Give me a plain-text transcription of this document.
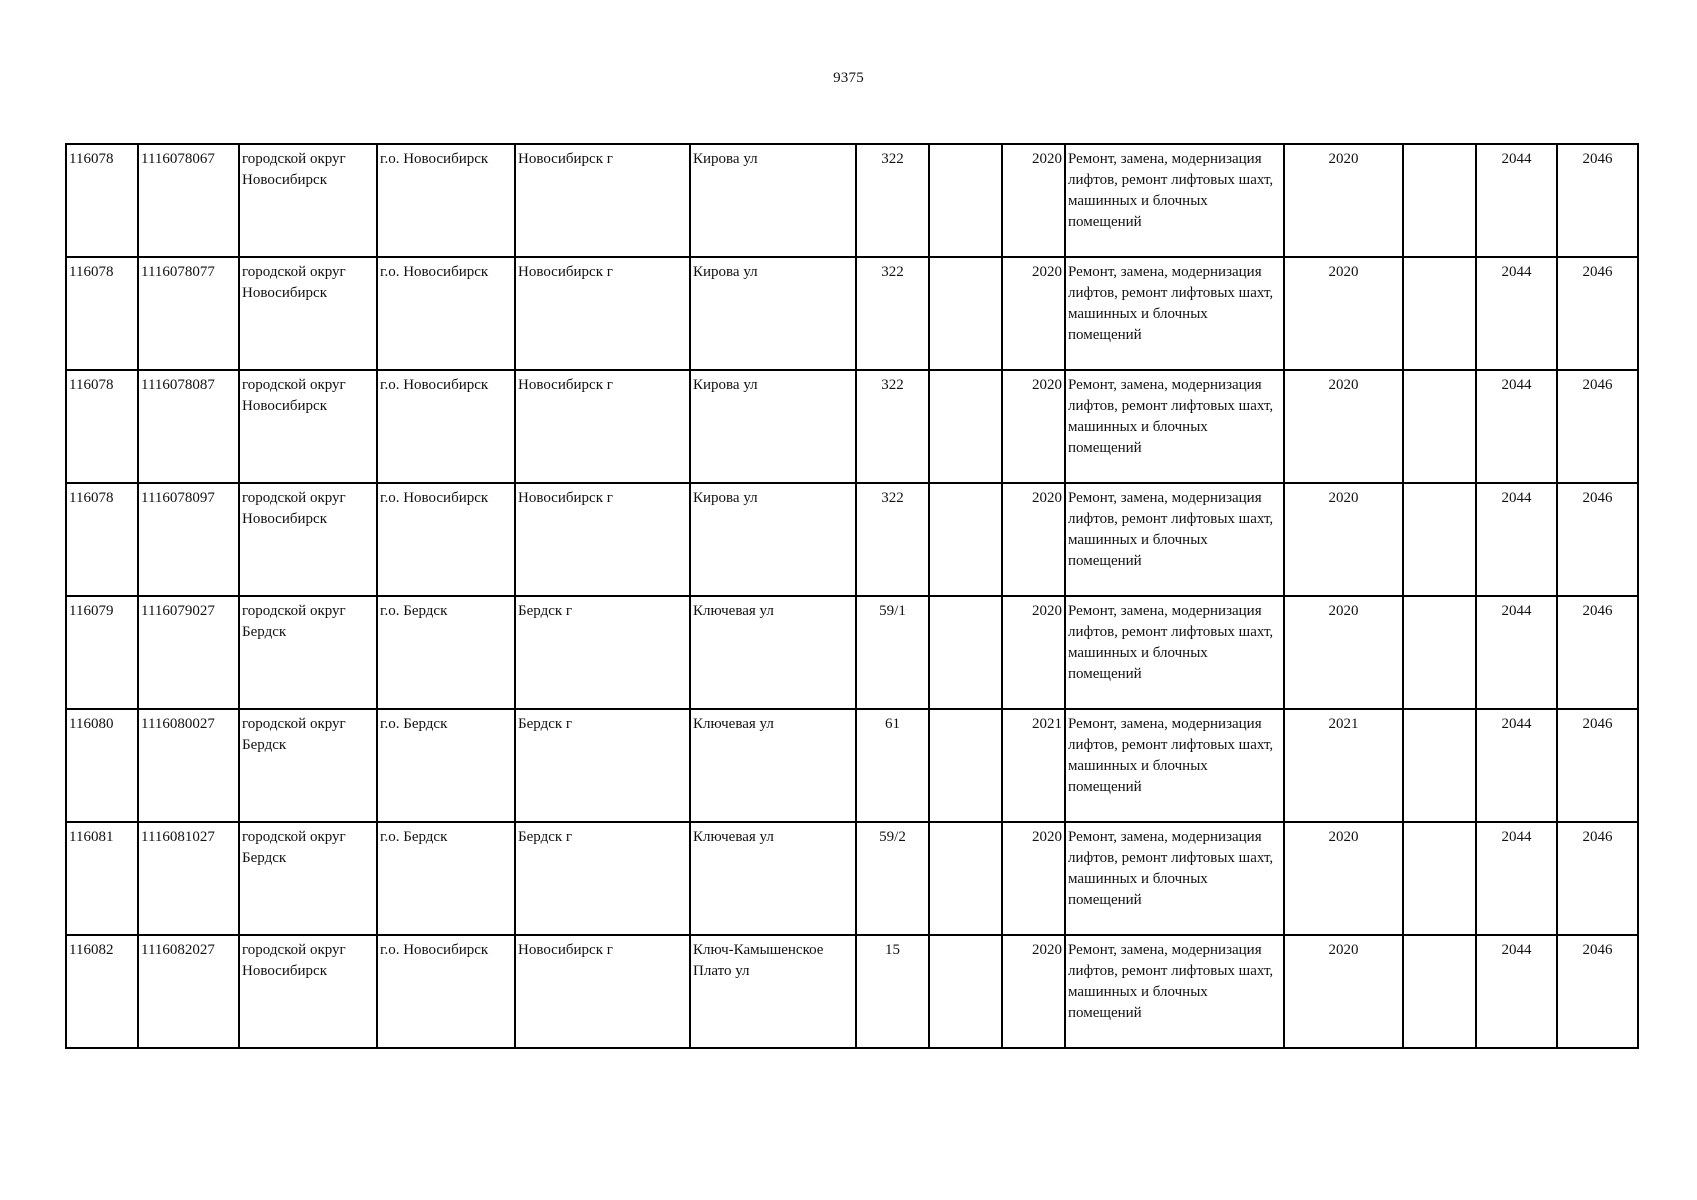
9375
116078	1116078067	городской округ Новосибирск	г.о. Новосибирск	Новосибирск г	Кирова ул	322		2020	Ремонт, замена, модернизация лифтов, ремонт лифтовых шахт, машинных и блочных помещений	2020		2044	2046
116078	1116078077	городской округ Новосибирск	г.о. Новосибирск	Новосибирск г	Кирова ул	322		2020	Ремонт, замена, модернизация лифтов, ремонт лифтовых шахт, машинных и блочных помещений	2020		2044	2046
116078	1116078087	городской округ Новосибирск	г.о. Новосибирск	Новосибирск г	Кирова ул	322		2020	Ремонт, замена, модернизация лифтов, ремонт лифтовых шахт, машинных и блочных помещений	2020		2044	2046
116078	1116078097	городской округ Новосибирск	г.о. Новосибирск	Новосибирск г	Кирова ул	322		2020	Ремонт, замена, модернизация лифтов, ремонт лифтовых шахт, машинных и блочных помещений	2020		2044	2046
116079	1116079027	городской округ Бердск	г.о. Бердск	Бердск г	Ключевая ул	59/1		2020	Ремонт, замена, модернизация лифтов, ремонт лифтовых шахт, машинных и блочных помещений	2020		2044	2046
116080	1116080027	городской округ Бердск	г.о. Бердск	Бердск г	Ключевая ул	61		2021	Ремонт, замена, модернизация лифтов, ремонт лифтовых шахт, машинных и блочных помещений	2021		2044	2046
116081	1116081027	городской округ Бердск	г.о. Бердск	Бердск г	Ключевая ул	59/2		2020	Ремонт, замена, модернизация лифтов, ремонт лифтовых шахт, машинных и блочных помещений	2020		2044	2046
116082	1116082027	городской округ Новосибирск	г.о. Новосибирск	Новосибирск г	Ключ-Камышенское Плато ул	15		2020	Ремонт, замена, модернизация лифтов, ремонт лифтовых шахт, машинных и блочных помещений	2020		2044	2046
